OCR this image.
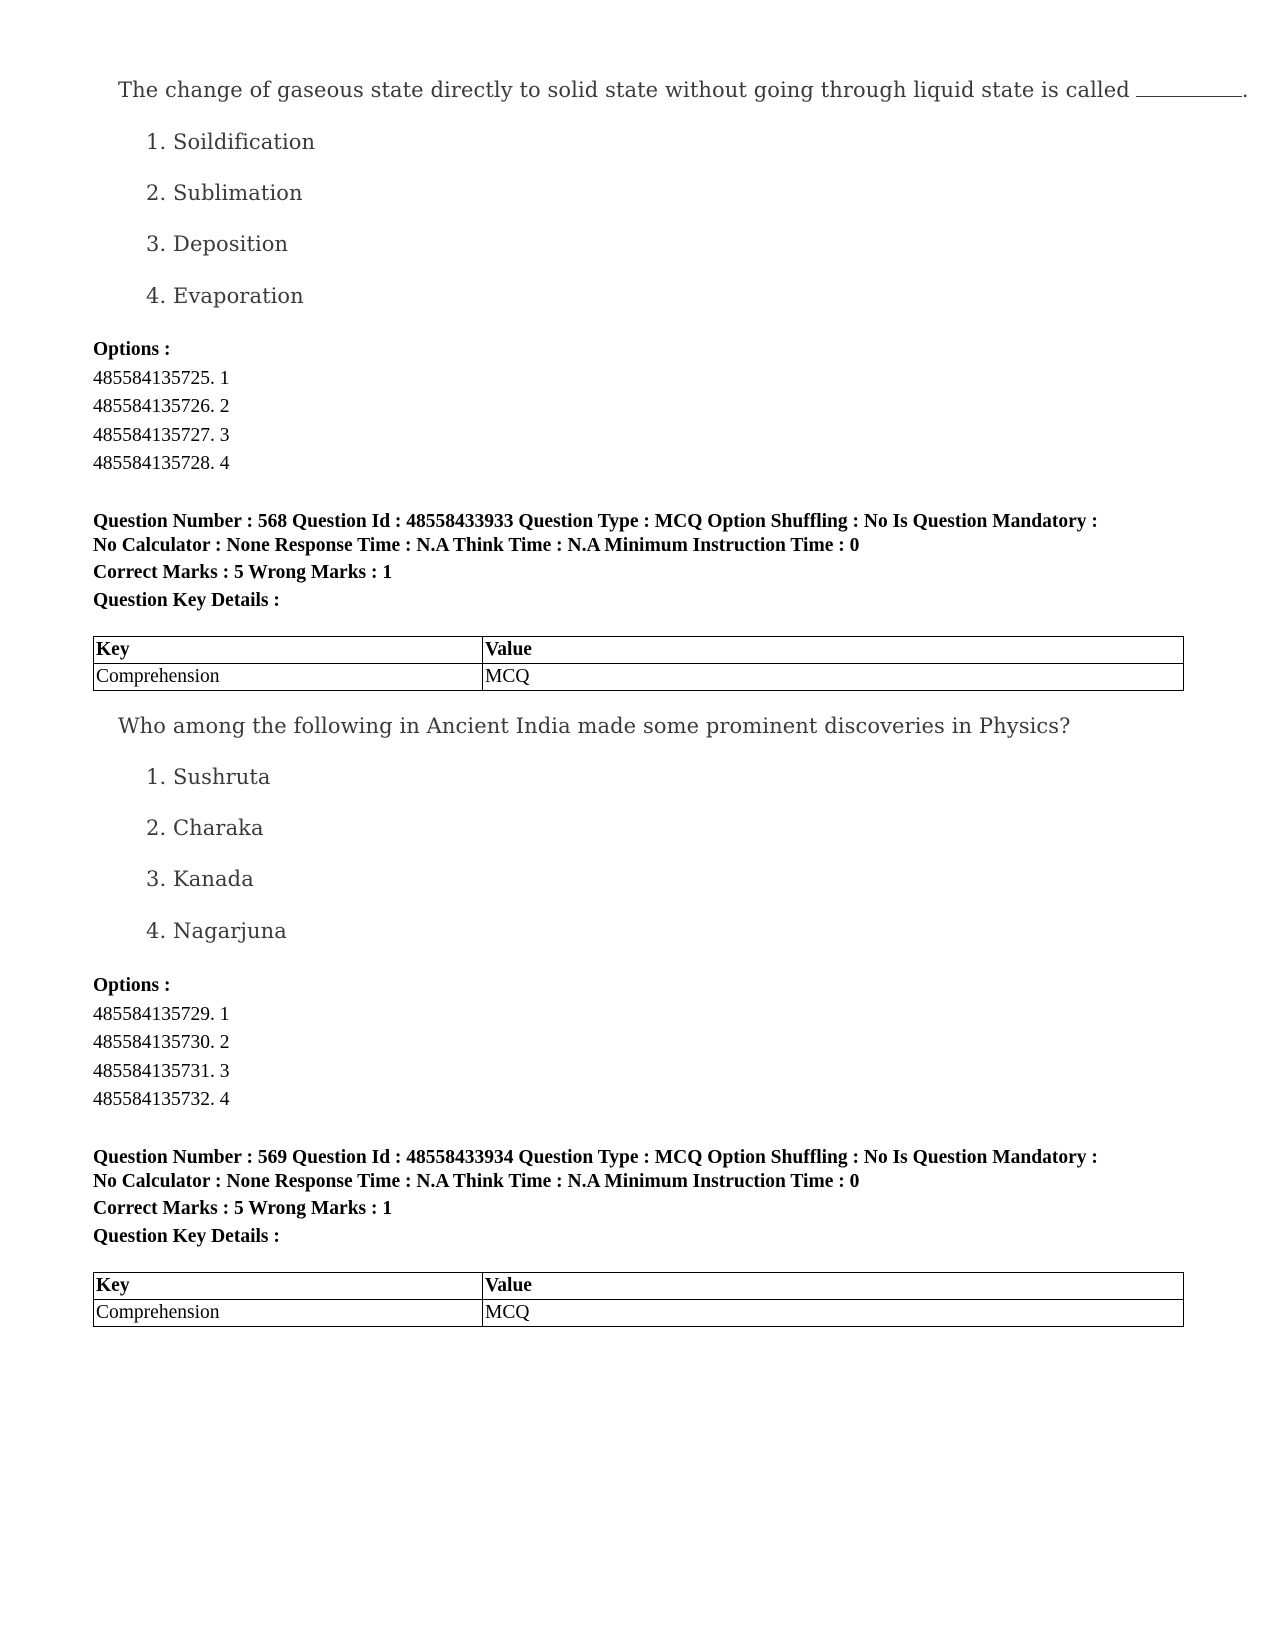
The change of gaseous state directly to solid state without going through liquid state is called	.
1. Soildification
2. Sublimation
3. Deposition
4. Evaporation
Options :
485584135725. 1
485584135726. 2
485584135727. 3
485584135728. 4
Question Number : 568 Question Id : 48558433933 Question Type : MCQ Option Shuffling : No Is Question Mandatory :
No Calculator : None Response Time : N.A Think Time : N.A Minimum Instruction Time : 0
Correct Marks : 5 Wrong Marks : 1
Question Key Details :
Key	Value
Comprehension	MCQ
Who among the following in Ancient India made some prominent discoveries in Physics?
1. Sushruta
2. Charaka
3. Kanada
4. Nagarjuna
Options :
485584135729. 1
485584135730. 2
485584135731. 3
485584135732. 4
Question Number : 569 Question Id : 48558433934 Question Type : MCQ Option Shuffling : No Is Question Mandatory :
No Calculator : None Response Time : N.A Think Time : N.A Minimum Instruction Time : 0
Correct Marks : 5 Wrong Marks : 1
Question Key Details :
Key	Value
Comprehension	MCQ
